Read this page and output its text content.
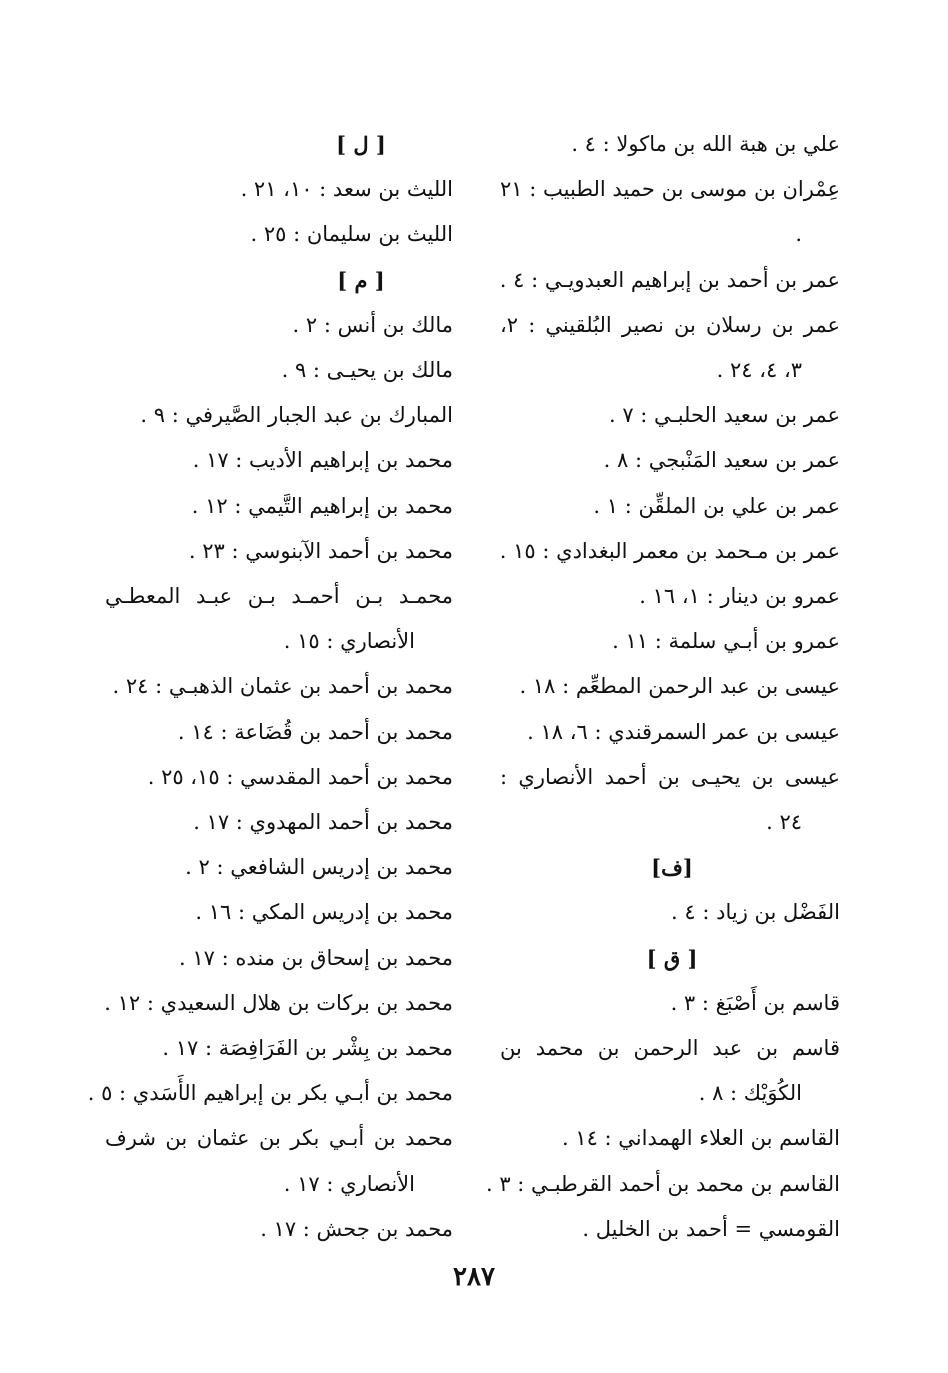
علي بن هبة الله بن ماكولا : ٤ .

عِمْران بن موسى بن حميد الطبيب : ٢١ .

عمر بن أحمد بن إبراهيم العبدويـي : ٤ .

عمر بن رسلان بن نصير البُلقيني : ٢، ٣، ٤، ٢٤ .

عمر بن سعيد الحلبـي : ٧ .

عمر بن سعيد المَنْبجي : ٨ .

عمر بن علي بن الملقِّن : ١ .

عمر بن مـحمد بن معمر البغدادي : ١٥ .

عمرو بن دينار : ١، ١٦ .

عمرو بن أبـي سلمة : ١١ .

عيسى بن عبد الرحمن المطعِّم : ١٨ .

عيسى بن عمر السمرقندي : ٦، ١٨ .

عيسى بن يحيـى بن أحمد الأنصاري : ٢٤ .

[ف]

الفَضْل بن زياد : ٤ .

[ ق ]

قاسم بن أَصْبَغ : ٣ .

قاسم بن عبد الرحمن بن محمد بن الكُوَيْك : ٨ .

القاسم بن العلاء الهمداني : ١٤ .

القاسم بن محمد بن أحمد القرطبـي : ٣ .

القومسي = أحمد بن الخليل .

[ ل ]

الليث بن سعد : ١٠، ٢١ .

الليث بن سليمان : ٢٥ .

[ م ]

مالك بن أنس : ٢ .

مالك بن يحيـى : ٩ .

المبارك بن عبد الجبار الصَّيرفي : ٩ .

محمد بن إبراهيم الأديب : ١٧ .

محمد بن إبراهيم التَّيمي : ١٢ .

محمد بن أحمد الآبنوسي : ٢٣ .

محمـد بـن أحمـد بـن عبـد المعطـي الأنصاري : ١٥ .

محمد بن أحمد بن عثمان الذهبـي : ٢٤ .

محمد بن أحمد بن قُضَاعة : ١٤ .

محمد بن أحمد المقدسي : ١٥، ٢٥ .

محمد بن أحمد المهدوي : ١٧ .

محمد بن إدريس الشافعي : ٢ .

محمد بن إدريس المكي : ١٦ .

محمد بن إسحاق بن منده : ١٧ .

محمد بن بركات بن هلال السعيدي : ١٢ .

محمد بن بِشْر بن الفَرَافِصَة : ١٧ .

محمد بن أبـي بكر بن إبراهيم الأَسَدي : ٥ .

محمد بن أبـي بكر بن عثمان بن شرف الأنصاري : ١٧ .

محمد بن جحش : ١٧ .

٢٨٧
